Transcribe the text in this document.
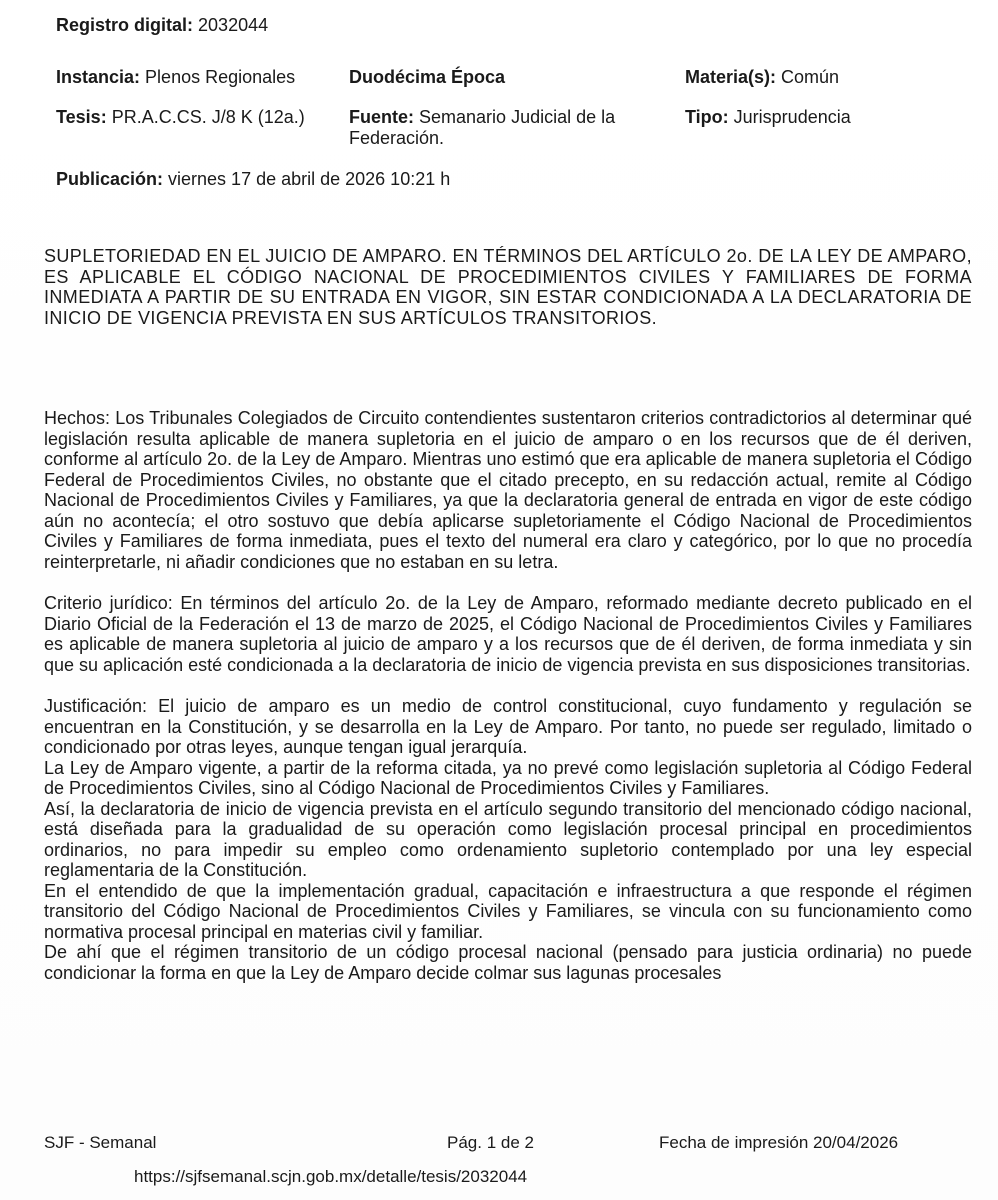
Registro digital: 2032044
Instancia: Plenos Regionales	Duodécima Época	Materia(s): Común
Tesis: PR.A.C.CS. J/8 K (12a.) Fuente: Semanario Judicial de la
Federación.
Tipo: Jurisprudencia
Publicación: viernes 17 de abril de 2026 10:21 h

SUPLETORIEDAD EN EL JUICIO DE AMPARO. EN TÉRMINOS DEL ARTÍCULO 2o. DE LA LEY DE AMPARO, ES APLICABLE EL CÓDIGO NACIONAL DE PROCEDIMIENTOS CIVILES Y FAMILIARES DE FORMA INMEDIATA A PARTIR DE SU ENTRADA EN VIGOR, SIN ESTAR CONDICIONADA A LA DECLARATORIA DE INICIO DE VIGENCIA PREVISTA EN SUS ARTÍCULOS TRANSITORIOS.

Hechos: Los Tribunales Colegiados de Circuito contendientes sustentaron criterios contradictorios al determinar qué legislación resulta aplicable de manera supletoria en el juicio de amparo o en los recursos que de él deriven, conforme al artículo 2o. de la Ley de Amparo. Mientras uno estimó que era aplicable de manera supletoria el Código Federal de Procedimientos Civiles, no obstante que el citado precepto, en su redacción actual, remite al Código Nacional de Procedimientos Civiles y Familiares, ya que la declaratoria general de entrada en vigor de este código aún no acontecía; el otro sostuvo que debía aplicarse supletoriamente el Código Nacional de Procedimientos Civiles y Familiares de forma inmediata, pues el texto del numeral era claro y categórico, por lo que no procedía reinterpretarle, ni añadir condiciones que no estaban en su letra.

Criterio jurídico: En términos del artículo 2o. de la Ley de Amparo, reformado mediante decreto publicado en el Diario Oficial de la Federación el 13 de marzo de 2025, el Código Nacional de Procedimientos Civiles y Familiares es aplicable de manera supletoria al juicio de amparo y a los recursos que de él deriven, de forma inmediata y sin que su aplicación esté condicionada a la declaratoria de inicio de vigencia prevista en sus disposiciones transitorias.

Justificación: El juicio de amparo es un medio de control constitucional, cuyo fundamento y regulación se encuentran en la Constitución, y se desarrolla en la Ley de Amparo. Por tanto, no puede ser regulado, limitado o condicionado por otras leyes, aunque tengan igual jerarquía.

La Ley de Amparo vigente, a partir de la reforma citada, ya no prevé como legislación supletoria al Código Federal de Procedimientos Civiles, sino al Código Nacional de Procedimientos Civiles y Familiares.

Así, la declaratoria de inicio de vigencia prevista en el artículo segundo transitorio del mencionado código nacional, está diseñada para la gradualidad de su operación como legislación procesal principal en procedimientos ordinarios, no para impedir su empleo como ordenamiento supletorio contemplado por una ley especial reglamentaria de la Constitución.

En el entendido de que la implementación gradual, capacitación e infraestructura a que responde el régimen transitorio del Código Nacional de Procedimientos Civiles y Familiares, se vincula con su funcionamiento como normativa procesal principal en materias civil y familiar.

De ahí que el régimen transitorio de un código procesal nacional (pensado para justicia ordinaria) no puede condicionar la forma en que la Ley de Amparo decide colmar sus lagunas procesales

SJF - Semanal	Pág. 1 de 2	Fecha de impresión 20/04/2026
https://sjfsemanal.scjn.gob.mx/detalle/tesis/2032044
